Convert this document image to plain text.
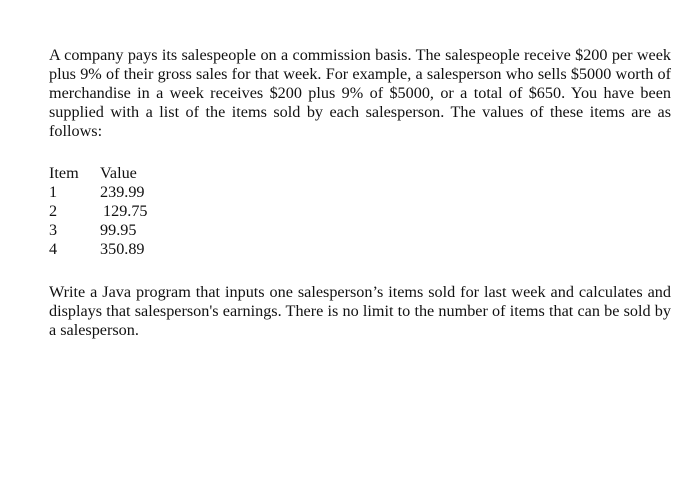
A company pays its salespeople on a commission basis. The salespeople receive $200 per week plus 9% of their gross sales for that week. For example, a salesperson who sells $5000 worth of merchandise in a week receives $200 plus 9% of $5000, or a total of $650. You have been supplied with a list of the items sold by each salesperson. The values of these items are as follows:

Item	Value
1	239.99
2	129.75
3	99.95
4	350.89

Write a Java program that inputs one salesperson’s items sold for last week and calculates and displays that salesperson's earnings. There is no limit to the number of items that can be sold by a salesperson.
